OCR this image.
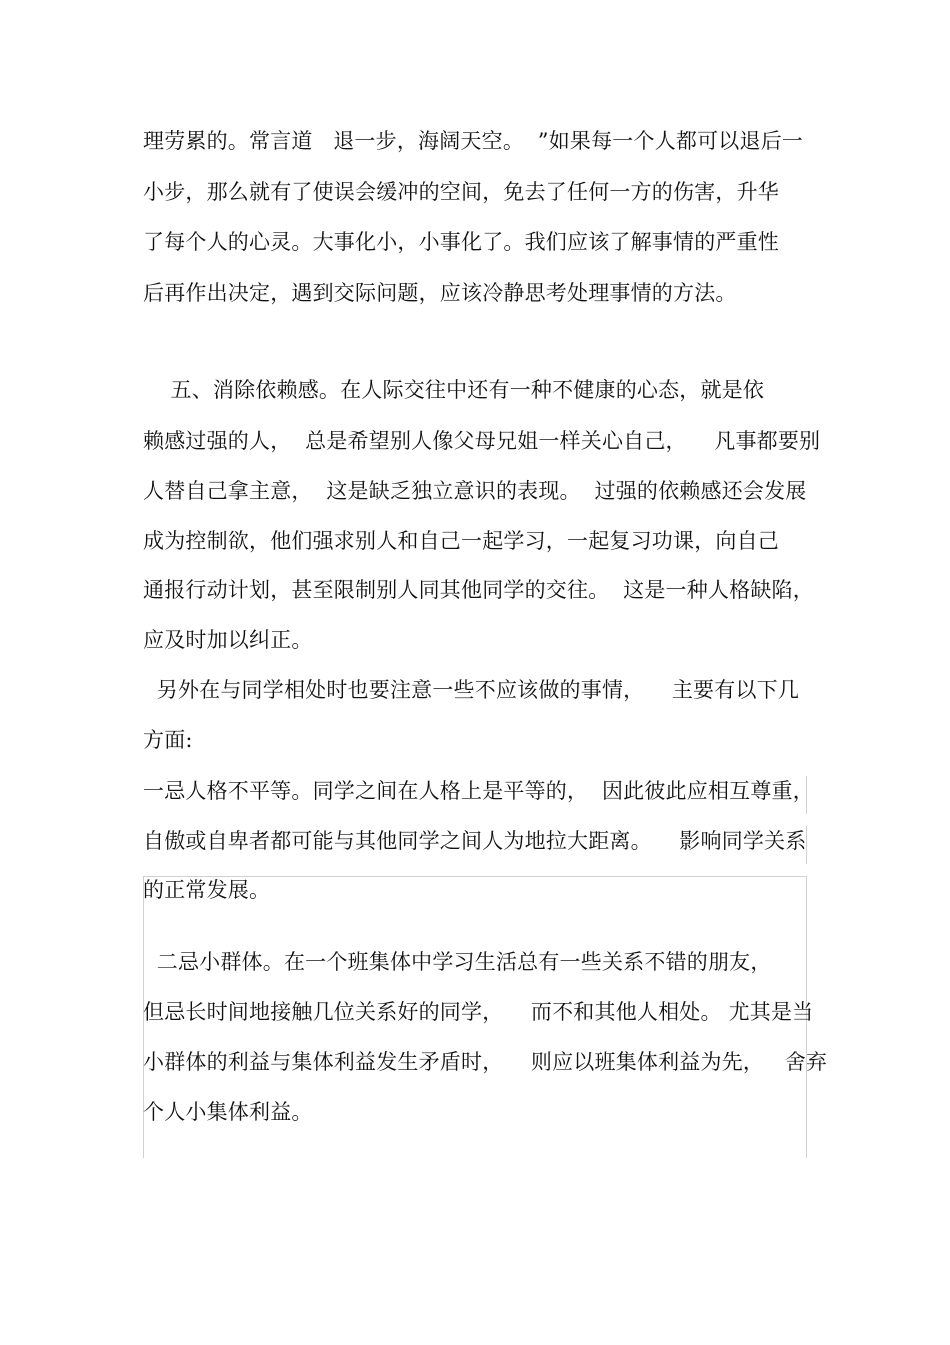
理劳累的。常言道   退一步，海阔天空。  ”如果每一个人都可以退后一
小步，那么就有了使误会缓冲的空间，免去了任何一方的伤害，升华
了每个人的心灵。大事化小，小事化了。我们应该了解事情的严重性
后再作出决定，遇到交际问题，应该冷静思考处理事情的方法。
五、消除依赖感。在人际交往中还有一种不健康的心态，就是依
赖感过强的人，  总是希望别人像父母兄姐一样关心自己，    凡事都要别
人替自己拿主意，  这是缺乏独立意识的表现。  过强的依赖感还会发展
成为控制欲，他们强求别人和自己一起学习，一起复习功课，向自己
通报行动计划，甚至限制别人同其他同学的交往。  这是一种人格缺陷，
应及时加以纠正。
另外在与同学相处时也要注意一些不应该做的事情，    主要有以下几
方面:
一忌人格不平等。同学之间在人格上是平等的，  因此彼此应相互尊重，
自傲或自卑者都可能与其他同学之间人为地拉大距离。    影响同学关系
的正常发展。
二忌小群体。在一个班集体中学习生活总有一些关系不错的朋友，
但忌长时间地接触几位关系好的同学，    而不和其他人相处。 尤其是当
小群体的利益与集体利益发生矛盾时，    则应以班集体利益为先，   舍弃
个人小集体利益。
